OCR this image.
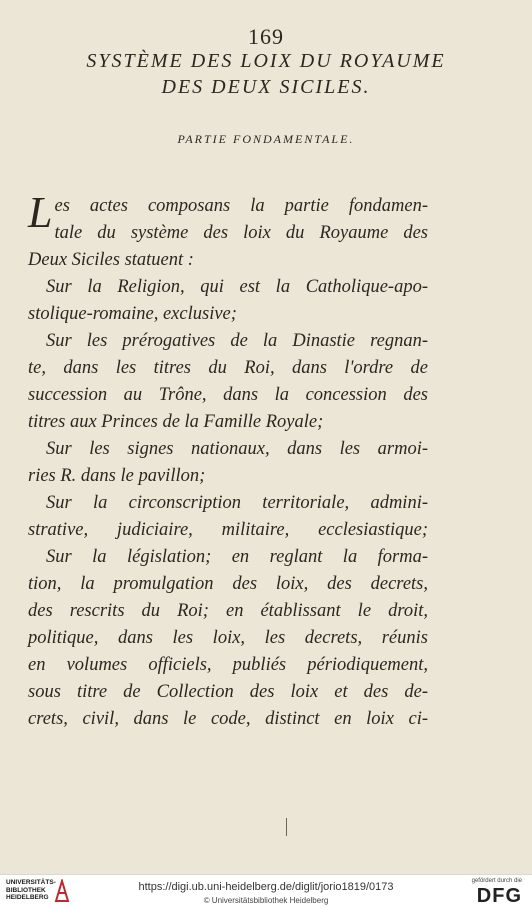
169
SYSTÈME DES LOIX DU ROYAUME
DES DEUX SICILES.
PARTIE FONDAMENTALE.
Les actes composans la partie fondamen-
tale du système des loix du Royaume des
Deux Siciles statuent :
Sur la Religion, qui est la Catholique-apo-
stolique-romaine, exclusive;
Sur les prérogatives de la Dinastie regnan-
te, dans les titres du Roi, dans l'ordre de
succession au Trône, dans la concession des
titres aux Princes de la Famille Royale;
Sur les signes nationaux, dans les armoi-
ries R. dans le pavillon;
Sur la circonscription territoriale, admini-
strative, judiciaire, militaire, ecclesiastique;
Sur la législation; en reglant la forma-
tion, la promulgation des loix, des decrets,
des rescrits du Roi; en établissant le droit,
politique, dans les loix, les decrets, réunis
en volumes officiels, publiés périodiquement,
sous titre de Collection des loix et des de-
crets, civil, dans le code, distinct en loix ci-
UNIVERSITÄTS-
BIBLIOTHEK
HEIDELBERG
https://digi.ub.uni-heidelberg.de/diglit/jorio1819/0173
© Universitätsbibliothek Heidelberg
gefördert durch die
DFG
